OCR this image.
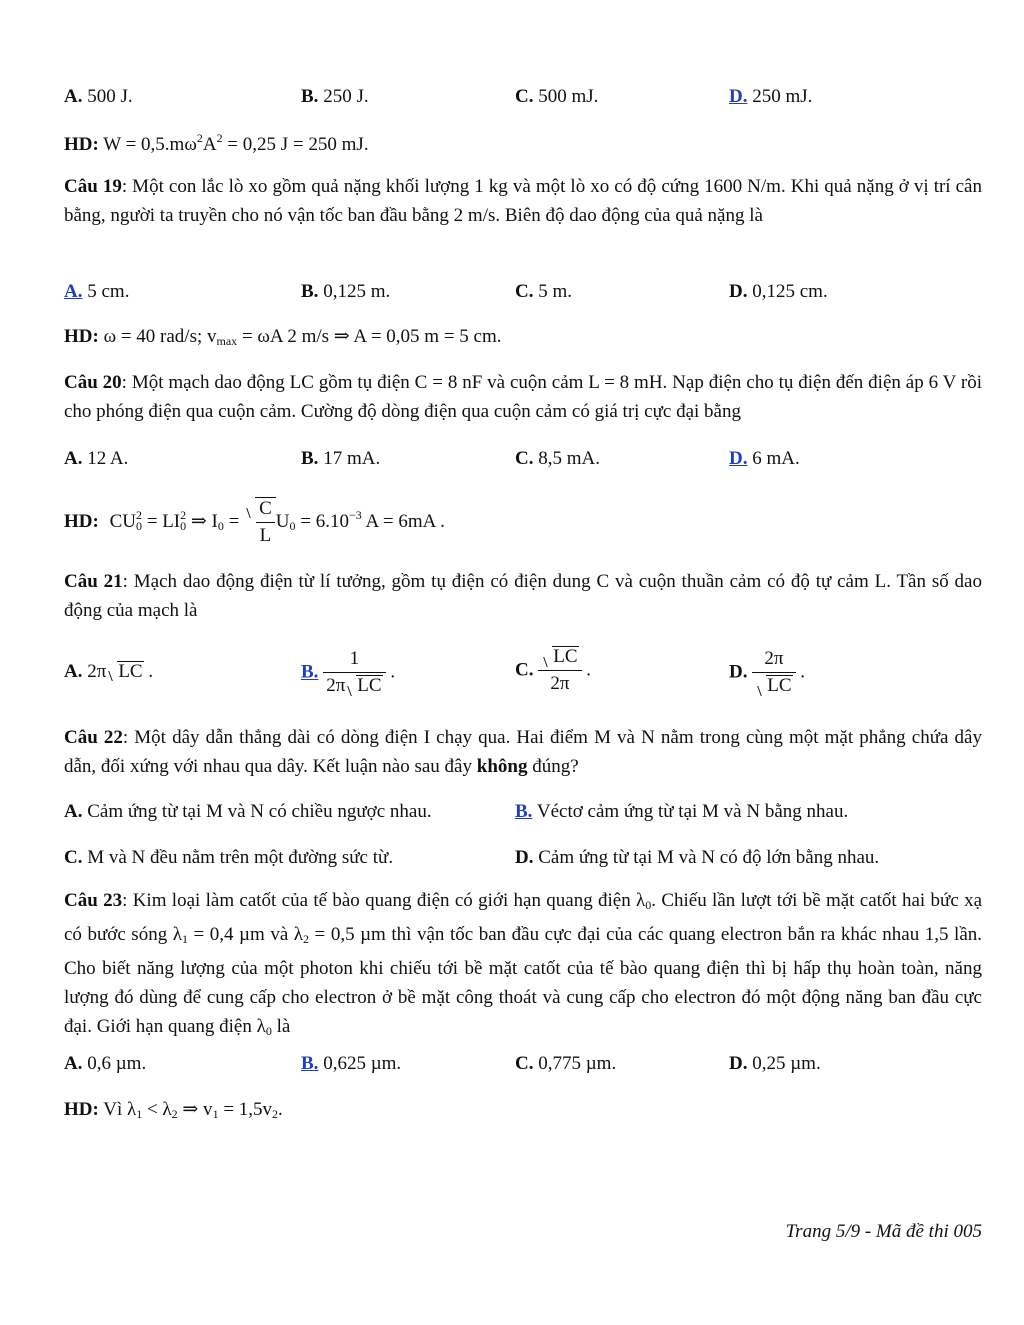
A. 500 J.	B. 250 J.	C. 500 mJ.	D. 250 mJ.
HD: $W = 0,5.m\omega^2A^2 = 0,25$ J = 250 mJ.
Câu 19: Một con lắc lò xo gồm quả nặng khối lượng 1 kg và một lò xo có độ cứng 1600 N/m. Khi quả nặng ở vị trí cân bằng, người ta truyền cho nó vận tốc ban đầu bằng 2 m/s. Biên độ dao động của quả nặng là
A. 5 cm.	B. 0,125 m.	C. 5 m.	D. 0,125 cm.
HD: ω = 40 rad/s; $v_{max} = \omega A$ 2 m/s ⇒ A = 0,05 m = 5 cm.
Câu 20: Một mạch dao động LC gồm tụ điện C = 8 nF và cuộn cảm L = 8 mH. Nạp điện cho tụ điện đến điện áp 6 V rồi cho phóng điện qua cuộn cảm. Cường độ dòng điện qua cuộn cảm có giá trị cực đại bằng
A. 12 A.	B. 17 mA.	C. 8,5 mA.	D. 6 mA.
HD: $CU_0^2 = LI_0^2$ ⇒ $I_0 = \frac{C}{L} U_0 = 6.10^{-3}$ A = 6mA .
Câu 21: Mạch dao động điện từ lí tưởng, gồm tụ điện có điện dung C và cuộn thuần cảm có độ tự cảm L. Tần số dao động của mạch là
A. 2π LC .	B. $\frac{1}{\text{2π LC}}$ .	C. $\frac{LC}{2\pi}$ .	D. $\frac{2\pi}{LC}$ .
Câu 22: Một dây dẫn thẳng dài có dòng điện I chạy qua. Hai điểm M và N nằm trong cùng một mặt phẳng chứa dây dẫn, đối xứng với nhau qua dây. Kết luận nào sau đây không đúng?
A. Cảm ứng từ tại M và N có chiều ngược nhau.	B. Véctơ cảm ứng từ tại M và N bằng nhau.
C. M và N đều nằm trên một đường sức từ.	D. Cảm ứng từ tại M và N có độ lớn bằng nhau.
Câu 23: Kim loại làm catốt của tế bào quang điện có giới hạn quang điện $\lambda_0$. Chiếu lần lượt tới bề mặt catốt hai bức xạ có bước sóng $\lambda_1 = 0,4$ µm và $\lambda_2 = 0,5$ µm thì vận tốc ban đầu cực đại của các quang electron bắn ra khác nhau 1,5 lần. Cho biết năng lượng của một photon khi chiếu tới bề mặt catốt của tế bào quang điện thì bị hấp thụ hoàn toàn, năng lượng đó dùng để cung cấp cho electron ở bề mặt công thoát và cung cấp cho electron đó một động năng ban đầu cực đại. Giới hạn quang điện $\lambda_0$ là
A. 0,6 µm.	B. 0,625 µm.	C. 0,775 µm.	D. 0,25 µm.
HD: Vì $\lambda_1 < \lambda_2$ ⇒ $v_1 = 1,5v_2$.
Trang 5/9 - Mã đề thi 005
